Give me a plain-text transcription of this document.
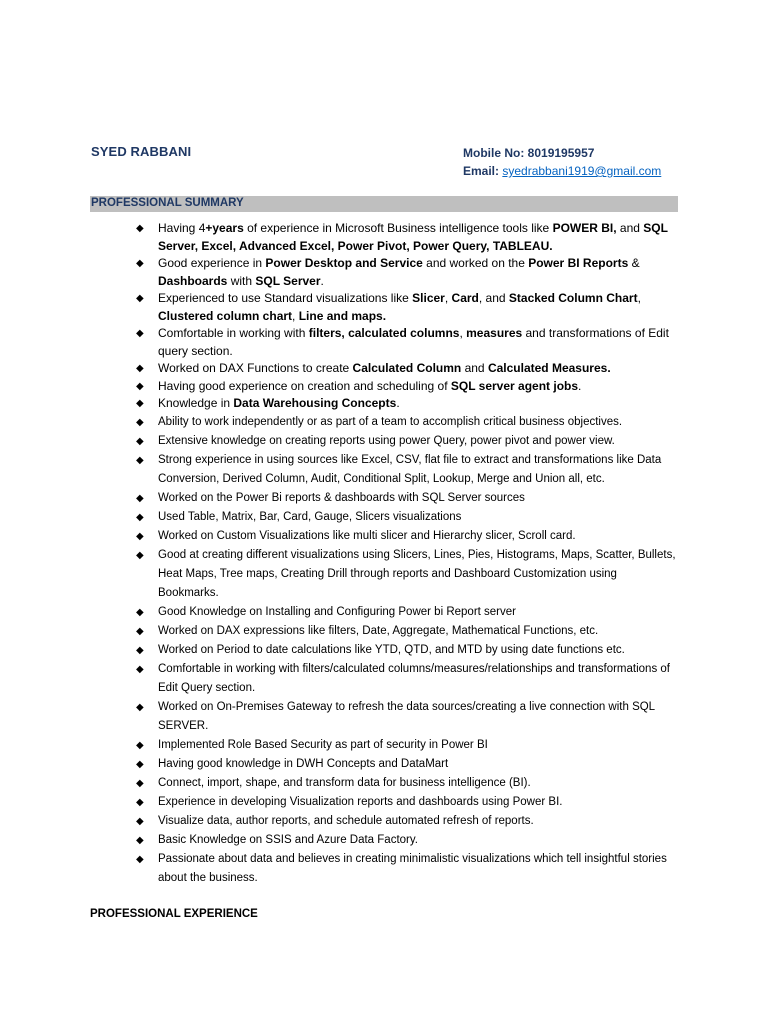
SYED RABBANI	Mobile No: 8019195957
Email: syedrabbani1919@gmail.com
PROFESSIONAL SUMMARY
◆ Having 4+years of experience in Microsoft Business intelligence tools like POWER BI, and SQL Server, Excel, Advanced Excel, Power Pivot, Power Query, TABLEAU.
◆ Good experience in Power Desktop and Service and worked on the Power BI Reports & Dashboards with SQL Server.
◆ Experienced to use Standard visualizations like Slicer, Card, and Stacked Column Chart, Clustered column chart, Line and maps.
◆ Comfortable in working with filters, calculated columns, measures and transformations of Edit query section.
◆ Worked on DAX Functions to create Calculated Column and Calculated Measures.
◆ Having good experience on creation and scheduling of SQL server agent jobs.
◆ Knowledge in Data Warehousing Concepts.
◆ Ability to work independently or as part of a team to accomplish critical business objectives.
◆ Extensive knowledge on creating reports using power Query, power pivot and power view.
◆ Strong experience in using sources like Excel, CSV, flat file to extract and transformations like Data Conversion, Derived Column, Audit, Conditional Split, Lookup, Merge and Union all, etc.
◆ Worked on the Power Bi reports & dashboards with SQL Server sources
◆ Used Table, Matrix, Bar, Card, Gauge, Slicers visualizations
◆ Worked on Custom Visualizations like multi slicer and Hierarchy slicer, Scroll card.
◆ Good at creating different visualizations using Slicers, Lines, Pies, Histograms, Maps, Scatter, Bullets, Heat Maps, Tree maps, Creating Drill through reports and Dashboard Customization using Bookmarks.
◆ Good Knowledge on Installing and Configuring Power bi Report server
◆ Worked on DAX expressions like filters, Date, Aggregate, Mathematical Functions, etc.
◆ Worked on Period to date calculations like YTD, QTD, and MTD by using date functions etc.
◆ Comfortable in working with filters/calculated columns/measures/relationships and transformations of Edit Query section.
◆ Worked on On-Premises Gateway to refresh the data sources/creating a live connection with SQL SERVER.
◆ Implemented Role Based Security as part of security in Power BI
◆ Having good knowledge in DWH Concepts and DataMart
◆ Connect, import, shape, and transform data for business intelligence (BI).
◆ Experience in developing Visualization reports and dashboards using Power BI.
◆ Visualize data, author reports, and schedule automated refresh of reports.
◆ Basic Knowledge on SSIS and Azure Data Factory.
◆ Passionate about data and believes in creating minimalistic visualizations which tell insightful stories about the business.
PROFESSIONAL EXPERIENCE
